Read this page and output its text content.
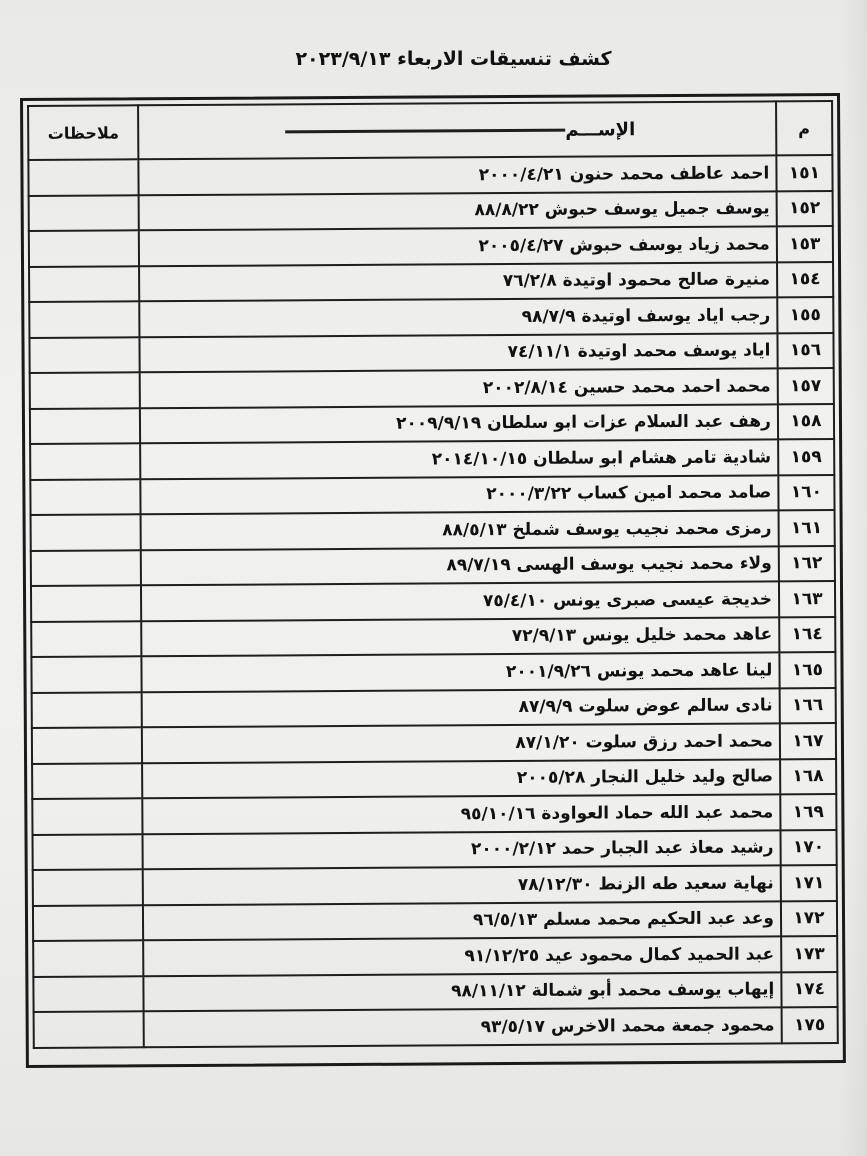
كشف تنسيقات الاربعاء ٢٠٢٣/٩/١٣
م	الإســـم	ملاحظات
١٥١	احمد عاطف محمد حنون ٢٠٠٠/٤/٢١	
١٥٢	يوسف جميل يوسف حبوش ٨٨/٨/٢٢	
١٥٣	محمد زياد يوسف حبوش ٢٠٠٥/٤/٢٧	
١٥٤	منيرة صالح محمود اوتيدة ٧٦/٢/٨	
١٥٥	رجب اياد يوسف اوتيدة ٩٨/٧/٩	
١٥٦	اياد يوسف محمد اوتيدة ٧٤/١١/١	
١٥٧	محمد احمد محمد حسين ٢٠٠٢/٨/١٤	
١٥٨	رهف عبد السلام عزات ابو سلطان ٢٠٠٩/٩/١٩	
١٥٩	شادية تامر هشام ابو سلطان ٢٠١٤/١٠/١٥	
١٦٠	صامد محمد امين كساب ٢٠٠٠/٣/٢٢	
١٦١	رمزى محمد نجيب يوسف شملخ ٨٨/٥/١٣	
١٦٢	ولاء محمد نجيب يوسف الهسى ٨٩/٧/١٩	
١٦٣	خديجة عيسى صبرى يونس ٧٥/٤/١٠	
١٦٤	عاهد محمد خليل يونس ٧٢/٩/١٣	
١٦٥	لينا عاهد محمد يونس ٢٠٠١/٩/٢٦	
١٦٦	نادى سالم عوض سلوت ٨٧/٩/٩	
١٦٧	محمد احمد رزق سلوت ٨٧/١/٢٠	
١٦٨	صالح وليد خليل النجار ٢٠٠٥/٢٨	
١٦٩	محمد عبد الله حماد العواودة ٩٥/١٠/١٦	
١٧٠	رشيد معاذ عبد الجبار حمد ٢٠٠٠/٢/١٢	
١٧١	نهاية سعيد طه الزنط ٧٨/١٢/٣٠	
١٧٢	وعد عبد الحكيم محمد مسلم ٩٦/٥/١٣	
١٧٣	عبد الحميد كمال محمود عيد ٩١/١٢/٢٥	
١٧٤	إيهاب يوسف محمد أبو شمالة ٩٨/١١/١٢	
١٧٥	محمود جمعة محمد الاخرس ٩٣/٥/١٧	
